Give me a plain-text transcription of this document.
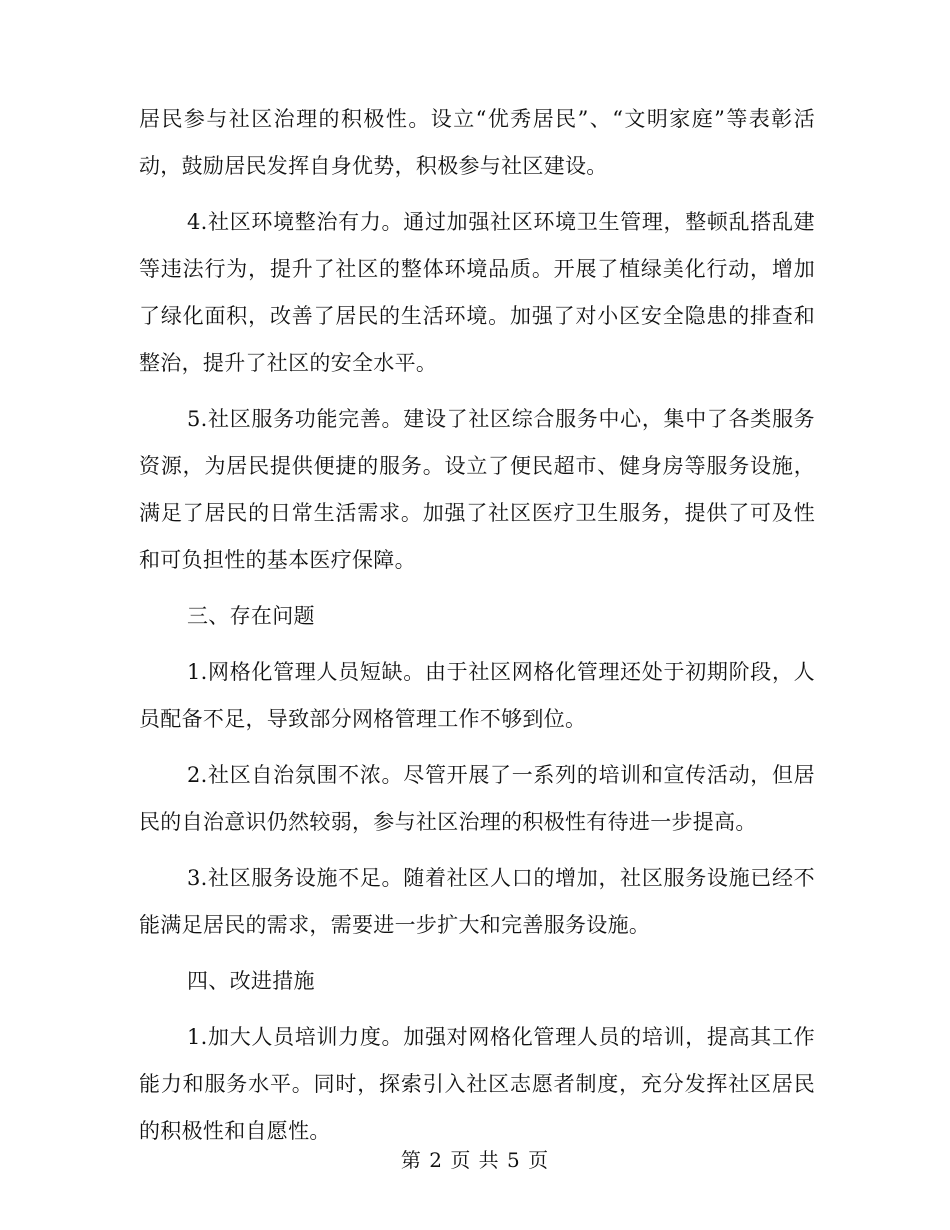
居民参与社区治理的积极性。设立“优秀居民”、“文明家庭”等表彰活动，鼓励居民发挥自身优势，积极参与社区建设。

4.社区环境整治有力。通过加强社区环境卫生管理，整顿乱搭乱建等违法行为，提升了社区的整体环境品质。开展了植绿美化行动，增加了绿化面积，改善了居民的生活环境。加强了对小区安全隐患的排查和整治，提升了社区的安全水平。

5.社区服务功能完善。建设了社区综合服务中心，集中了各类服务资源，为居民提供便捷的服务。设立了便民超市、健身房等服务设施，满足了居民的日常生活需求。加强了社区医疗卫生服务，提供了可及性和可负担性的基本医疗保障。

三、存在问题

1.网格化管理人员短缺。由于社区网格化管理还处于初期阶段，人员配备不足，导致部分网格管理工作不够到位。

2.社区自治氛围不浓。尽管开展了一系列的培训和宣传活动，但居民的自治意识仍然较弱，参与社区治理的积极性有待进一步提高。

3.社区服务设施不足。随着社区人口的增加，社区服务设施已经不能满足居民的需求，需要进一步扩大和完善服务设施。

四、改进措施

1.加大人员培训力度。加强对网格化管理人员的培训，提高其工作能力和服务水平。同时，探索引入社区志愿者制度，充分发挥社区居民的积极性和自愿性。

第 2 页 共 5 页
